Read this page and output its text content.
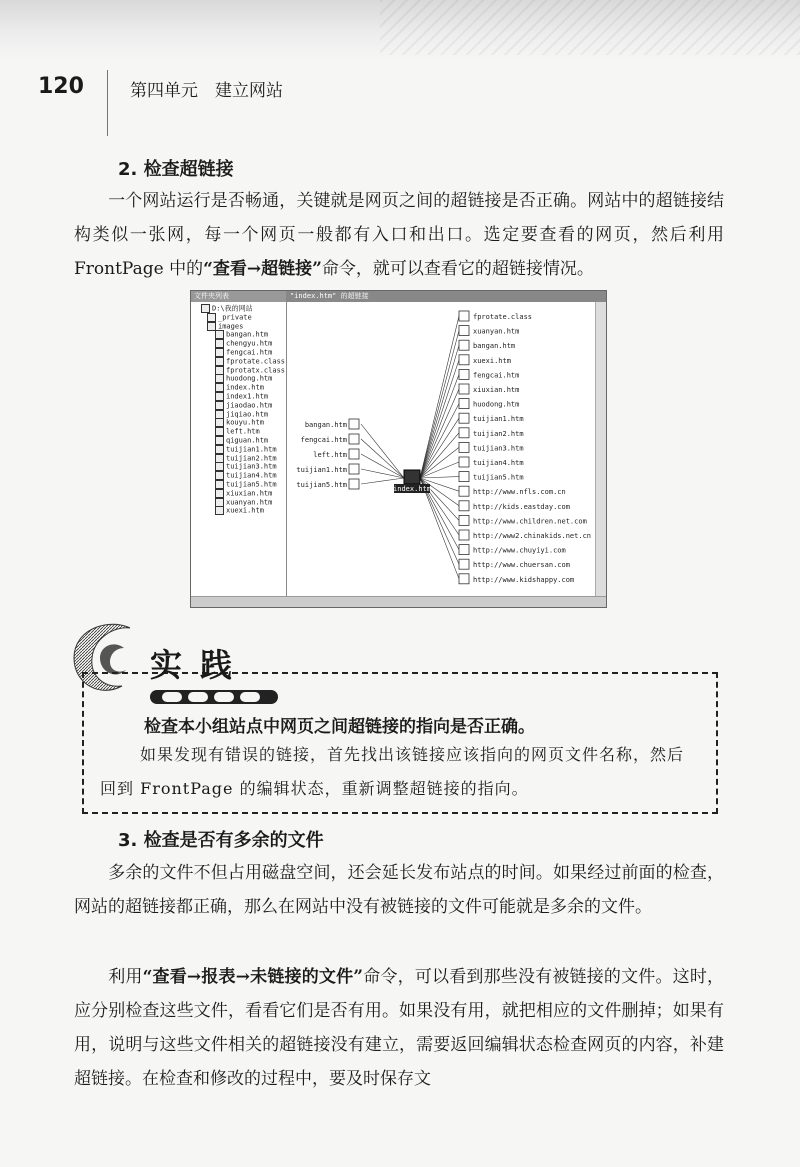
120	第四单元　建立网站
2. 检查超链接

一个网站运行是否畅通，关键就是网页之间的超链接是否正确。网站中的超链接结构类似一张网，每一个网页一般都有入口和出口。选定要查看的网页，然后利用 FrontPage 中的“查看→超链接”命令，就可以查看它的超链接情况。

文件夹列表
D:\我的网站
_private
images
bangan.htm
chengyu.htm
fengcai.htm
fprotate.class
fprotatx.class
huodong.htm
index.htm
index1.htm
jiaodao.htm
jiqiao.htm
kouyu.htm
left.htm
qiguan.htm
tuijian1.htm
tuijian2.htm
tuijian3.htm
tuijian4.htm
tuijian5.htm
xiuxian.htm
xuanyan.htm
xuexi.htm
"index.htm" 的超链接
fprotate.class
xuanyan.htm
bangan.htm
xuexi.htm
fengcai.htm
xiuxian.htm
huodong.htm
tuijian1.htm
tuijian2.htm
tuijian3.htm
tuijian4.htm
tuijian5.htm
http://www.nfls.com.cn
http://kids.eastday.com
http://www.children.net.com
http://www2.chinakids.net.cn
http://www.chuyiyi.com
http://www.chuersan.com
http://www.kidshappy.com
bangan.htm
fengcai.htm
left.htm
tuijian1.htm
tuijian5.htm	index.htm
实践
检查本小组站点中网页之间超链接的指向是否正确。
如果发现有错误的链接，首先找出该链接应该指向的网页文件名称，然后回到 FrontPage 的编辑状态，重新调整超链接的指向。
3. 检查是否有多余的文件

多余的文件不但占用磁盘空间，还会延长发布站点的时间。如果经过前面的检查，网站的超链接都正确，那么在网站中没有被链接的文件可能就是多余的文件。

利用“查看→报表→未链接的文件”命令，可以看到那些没有被链接的文件。这时，应分别检查这些文件，看看它们是否有用。如果没有用，就把相应的文件删掉；如果有用，说明与这些文件相关的超链接没有建立，需要返回编辑状态检查网页的内容，补建超链接。在检查和修改的过程中，要及时保存文
